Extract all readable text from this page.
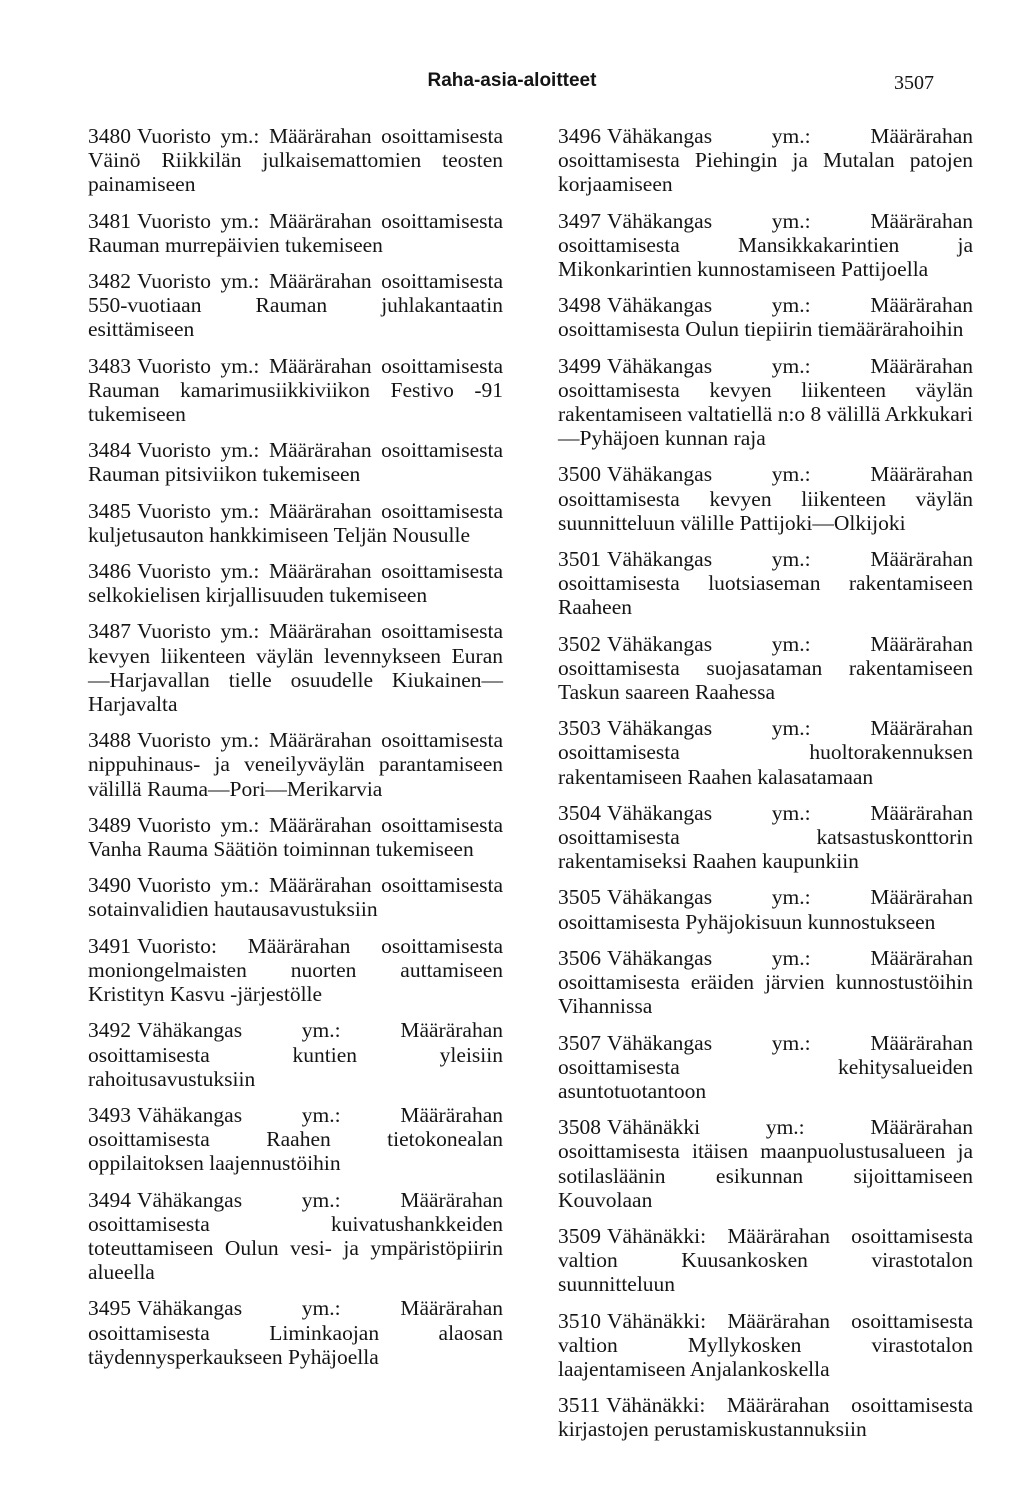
Raha-asia-aloitteet	3507

3480 Vuoristo ym.: Määrärahan osoittamisesta Väinö Riikkilän julkaisemattomien teosten painamiseen

3481 Vuoristo ym.: Määrärahan osoittamisesta Rauman murrepäivien tukemiseen

3482 Vuoristo ym.: Määrärahan osoittamisesta 550-vuotiaan Rauman juhlakantaatin esittämiseen

3483 Vuoristo ym.: Määrärahan osoittamisesta Rauman kamarimusiikkiviikon Festivo -91 tukemiseen

3484 Vuoristo ym.: Määrärahan osoittamisesta Rauman pitsiviikon tukemiseen

3485 Vuoristo ym.: Määrärahan osoittamisesta kuljetusauton hankkimiseen Teljän Nousulle

3486 Vuoristo ym.: Määrärahan osoittamisesta selkokielisen kirjallisuuden tukemiseen

3487 Vuoristo ym.: Määrärahan osoittamisesta kevyen liikenteen väylän levennykseen Euran—Harjavallan tielle osuudelle Kiukainen—Harjavalta

3488 Vuoristo ym.: Määrärahan osoittamisesta nippuhinaus- ja veneilyväylän parantamiseen välillä Rauma—Pori—Merikarvia

3489 Vuoristo ym.: Määrärahan osoittamisesta Vanha Rauma Säätiön toiminnan tukemiseen

3490 Vuoristo ym.: Määrärahan osoittamisesta sotainvalidien hautausavustuksiin

3491 Vuoristo: Määrärahan osoittamisesta moniongelmaisten nuorten auttamiseen Kristityn Kasvu -järjestölle

3492 Vähäkangas ym.: Määrärahan osoittamisesta kuntien yleisiin rahoitusavustuksiin

3493 Vähäkangas ym.: Määrärahan osoittamisesta Raahen tietokonealan oppilaitoksen laajennustöihin

3494 Vähäkangas ym.: Määrärahan osoittamisesta kuivatushankkeiden toteuttamiseen Oulun vesi- ja ympäristöpiirin alueella

3495 Vähäkangas ym.: Määrärahan osoittamisesta Liminkaojan alaosan täydennysperkaukseen Pyhäjoella

3496 Vähäkangas ym.: Määrärahan osoittamisesta Piehingin ja Mutalan patojen korjaamiseen

3497 Vähäkangas ym.: Määrärahan osoittamisesta Mansikkakarintien ja Mikonkarintien kunnostamiseen Pattijoella

3498 Vähäkangas ym.: Määrärahan osoittamisesta Oulun tiepiirin tiemäärärahoihin

3499 Vähäkangas ym.: Määrärahan osoittamisesta kevyen liikenteen väylän rakentamiseen valtatiellä n:o 8 välillä Arkkukari—Pyhäjoen kunnan raja

3500 Vähäkangas ym.: Määrärahan osoittamisesta kevyen liikenteen väylän suunnitteluun välille Pattijoki—Olkijoki

3501 Vähäkangas ym.: Määrärahan osoittamisesta luotsiaseman rakentamiseen Raaheen

3502 Vähäkangas ym.: Määrärahan osoittamisesta suojasataman rakentamiseen Taskun saareen Raahessa

3503 Vähäkangas ym.: Määrärahan osoittamisesta huoltorakennuksen rakentamiseen Raahen kalasatamaan

3504 Vähäkangas ym.: Määrärahan osoittamisesta katsastuskonttorin rakentamiseksi Raahen kaupunkiin

3505 Vähäkangas ym.: Määrärahan osoittamisesta Pyhäjokisuun kunnostukseen

3506 Vähäkangas ym.: Määrärahan osoittamisesta eräiden järvien kunnostustöihin Vihannissa

3507 Vähäkangas ym.: Määrärahan osoittamisesta kehitysalueiden asuntotuotantoon

3508 Vähänäkki ym.: Määrärahan osoittamisesta itäisen maanpuolustusalueen ja sotilasläänin esikunnan sijoittamiseen Kouvolaan

3509 Vähänäkki: Määrärahan osoittamisesta valtion Kuusankosken virastotalon suunnitteluun

3510 Vähänäkki: Määrärahan osoittamisesta valtion Myllykosken virastotalon laajentamiseen Anjalankoskella

3511 Vähänäkki: Määrärahan osoittamisesta kirjastojen perustamiskustannuksiin
